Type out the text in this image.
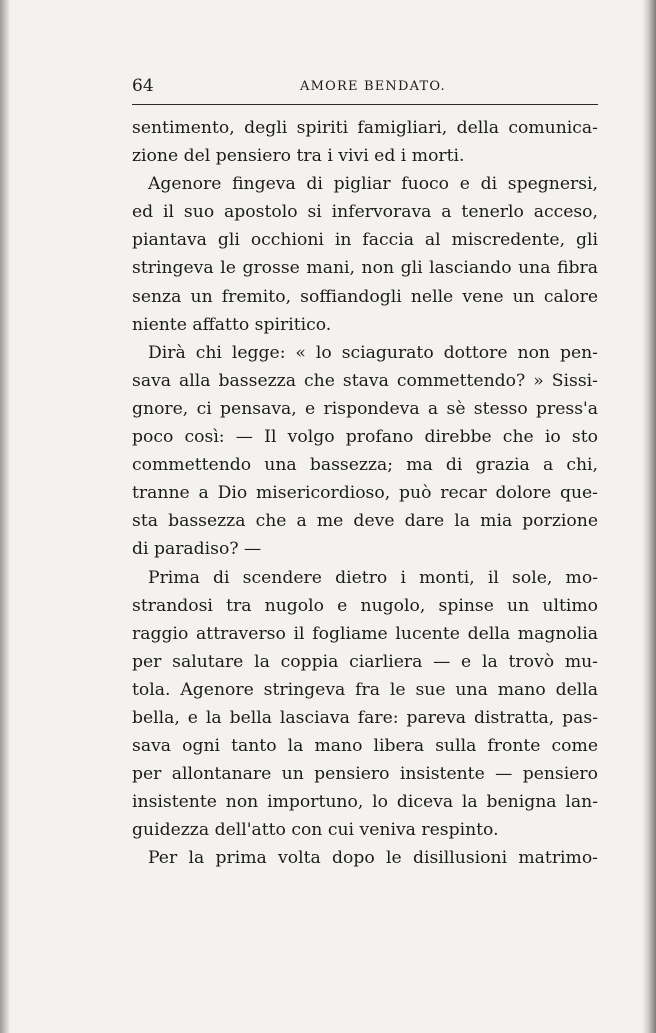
64	AMORE BENDATO.
sentimento, degli spiriti famigliari, della comunica-
zione del pensiero tra i vivi ed i morti.
Agenore fingeva di pigliar fuoco e di spegnersi,
ed il suo apostolo si infervorava a tenerlo acceso,
piantava gli occhioni in faccia al miscredente, gli
stringeva le grosse mani, non gli lasciando una fibra
senza un fremito, soffiandogli nelle vene un calore
niente affatto spiritico.
Dirà chi legge: « lo sciagurato dottore non pen-
sava alla bassezza che stava commettendo? » Sissi-
gnore, ci pensava, e rispondeva a sè stesso press'a
poco così: — Il volgo profano direbbe che io sto
commettendo una bassezza; ma di grazia a chi,
tranne a Dio misericordioso, può recar dolore que-
sta bassezza che a me deve dare la mia porzione
di paradiso? —
Prima di scendere dietro i monti, il sole, mo-
strandosi tra nugolo e nugolo, spinse un ultimo
raggio attraverso il fogliame lucente della magnolia
per salutare la coppia ciarliera — e la trovò mu-
tola. Agenore stringeva fra le sue una mano della
bella, e la bella lasciava fare: pareva distratta, pas-
sava ogni tanto la mano libera sulla fronte come
per allontanare un pensiero insistente — pensiero
insistente non importuno, lo diceva la benigna lan-
guidezza dell'atto con cui veniva respinto.
Per la prima volta dopo le disillusioni matrimo-
